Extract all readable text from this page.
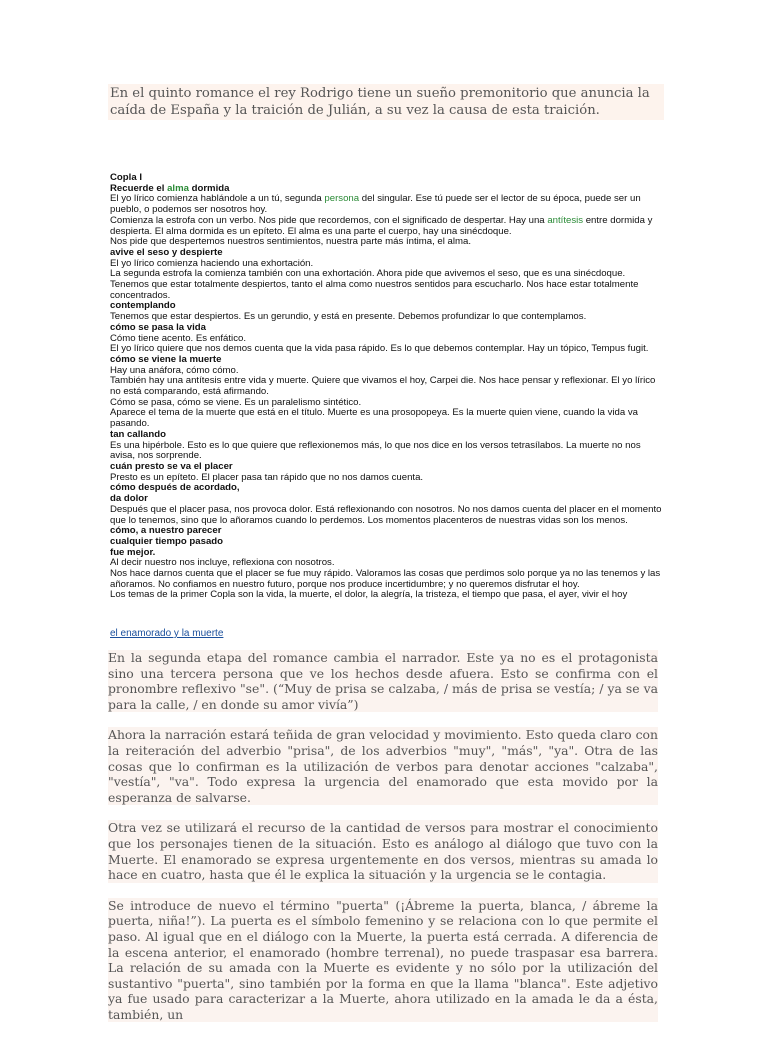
En el quinto romance el rey Rodrigo tiene un sueño premonitorio que anuncia la caída de España y la traición de Julián, a su vez la causa de esta traición.

Copla I

Recuerde el alma dormida

El yo lírico comienza hablándole a un tú, segunda persona del singular. Ese tú puede ser el lector de su época, puede ser un pueblo, o podemos ser nosotros hoy.

Comienza la estrofa con un verbo. Nos pide que recordemos, con el significado de despertar. Hay una antítesis entre dormida y despierta. El alma dormida es un epíteto. El alma es una parte el cuerpo, hay una sinécdoque.

Nos pide que despertemos nuestros sentimientos, nuestra parte más íntima, el alma.

avive el seso y despierte

El yo lírico comienza haciendo una exhortación.

La segunda estrofa la comienza también con una exhortación. Ahora pide que avivemos el seso, que es una sinécdoque. Tenemos que estar totalmente despiertos, tanto el alma como nuestros sentidos para escucharlo. Nos hace estar totalmente concentrados.

contemplando

Tenemos que estar despiertos. Es un gerundio, y está en presente. Debemos profundizar lo que contemplamos.

cómo se pasa la vida

Cómo tiene acento. Es enfático.

El yo lírico quiere que nos demos cuenta que la vida pasa rápido. Es lo que debemos contemplar. Hay un tópico, Tempus fugit.

cómo se viene la muerte

Hay una anáfora, cómo cómo.

También hay una antítesis entre vida y muerte. Quiere que vivamos el hoy, Carpei die. Nos hace pensar y reflexionar. El yo lírico no está comparando, está afirmando.

Cómo se pasa, cómo se viene. Es un paralelismo sintético.

Aparece el tema de la muerte que está en el título. Muerte es una prosopopeya. Es la muerte quien viene, cuando la vida va pasando.

tan callando

Es una hipérbole. Esto es lo que quiere que reflexionemos más, lo que nos dice en los versos tetrasílabos. La muerte no nos avisa, nos sorprende.

cuán presto se va el placer

Presto es un epíteto. El placer pasa tan rápido que no nos damos cuenta.

cómo después de acordado,

da dolor

Después que el placer pasa, nos provoca dolor. Está reflexionando con nosotros. No nos damos cuenta del placer en el momento que lo tenemos, sino que lo añoramos cuando lo perdemos. Los momentos placenteros de nuestras vidas son los menos.

cómo, a nuestro parecer

cualquier tiempo pasado

fue mejor.

Al decir nuestro nos incluye, reflexiona con nosotros.

Nos hace darnos cuenta que el placer se fue muy rápido. Valoramos las cosas que perdimos solo porque ya no las tenemos y las añoramos. No confiamos en nuestro futuro, porque nos produce incertidumbre; y no queremos disfrutar el hoy.

Los temas de la primer Copla son la vida, la muerte, el dolor, la alegría, la tristeza, el tiempo que pasa, el ayer, vivir el hoy

el enamorado y la muerte

En la segunda etapa del romance cambia el narrador. Este ya no es el protagonista sino una tercera persona que ve los hechos desde afuera. Esto se confirma con el pronombre reflexivo "se". (“Muy de prisa se calzaba, / más de prisa se vestía; / ya se va para la calle, / en donde su amor vivía”)

Ahora la narración estará teñida de gran velocidad y movimiento. Esto queda claro con la reiteración del adverbio "prisa", de los adverbios "muy", "más", "ya". Otra de las cosas que lo confirman es la utilización de verbos para denotar acciones "calzaba", "vestía", "va". Todo expresa la urgencia del enamorado que esta movido por la esperanza de salvarse.

Otra vez se utilizará el recurso de la cantidad de versos para mostrar el conocimiento que los personajes tienen de la situación. Esto es análogo al diálogo que tuvo con la Muerte. El enamorado se expresa urgentemente en dos versos, mientras su amada lo hace en cuatro, hasta que él le explica la situación y la urgencia se le contagia.

Se introduce de nuevo el término "puerta" (¡Ábreme la puerta, blanca, / ábreme la puerta, niña!”). La puerta es el símbolo femenino y se relaciona con lo que permite el paso. Al igual que en el diálogo con la Muerte, la puerta está cerrada. A diferencia de la escena anterior, el enamorado (hombre terrenal), no puede traspasar esa barrera. La relación de su amada con la Muerte es evidente y no sólo por la utilización del sustantivo "puerta", sino también por la forma en que la llama "blanca". Este adjetivo ya fue usado para caracterizar a la Muerte, ahora utilizado en la amada le da a ésta, también, un
